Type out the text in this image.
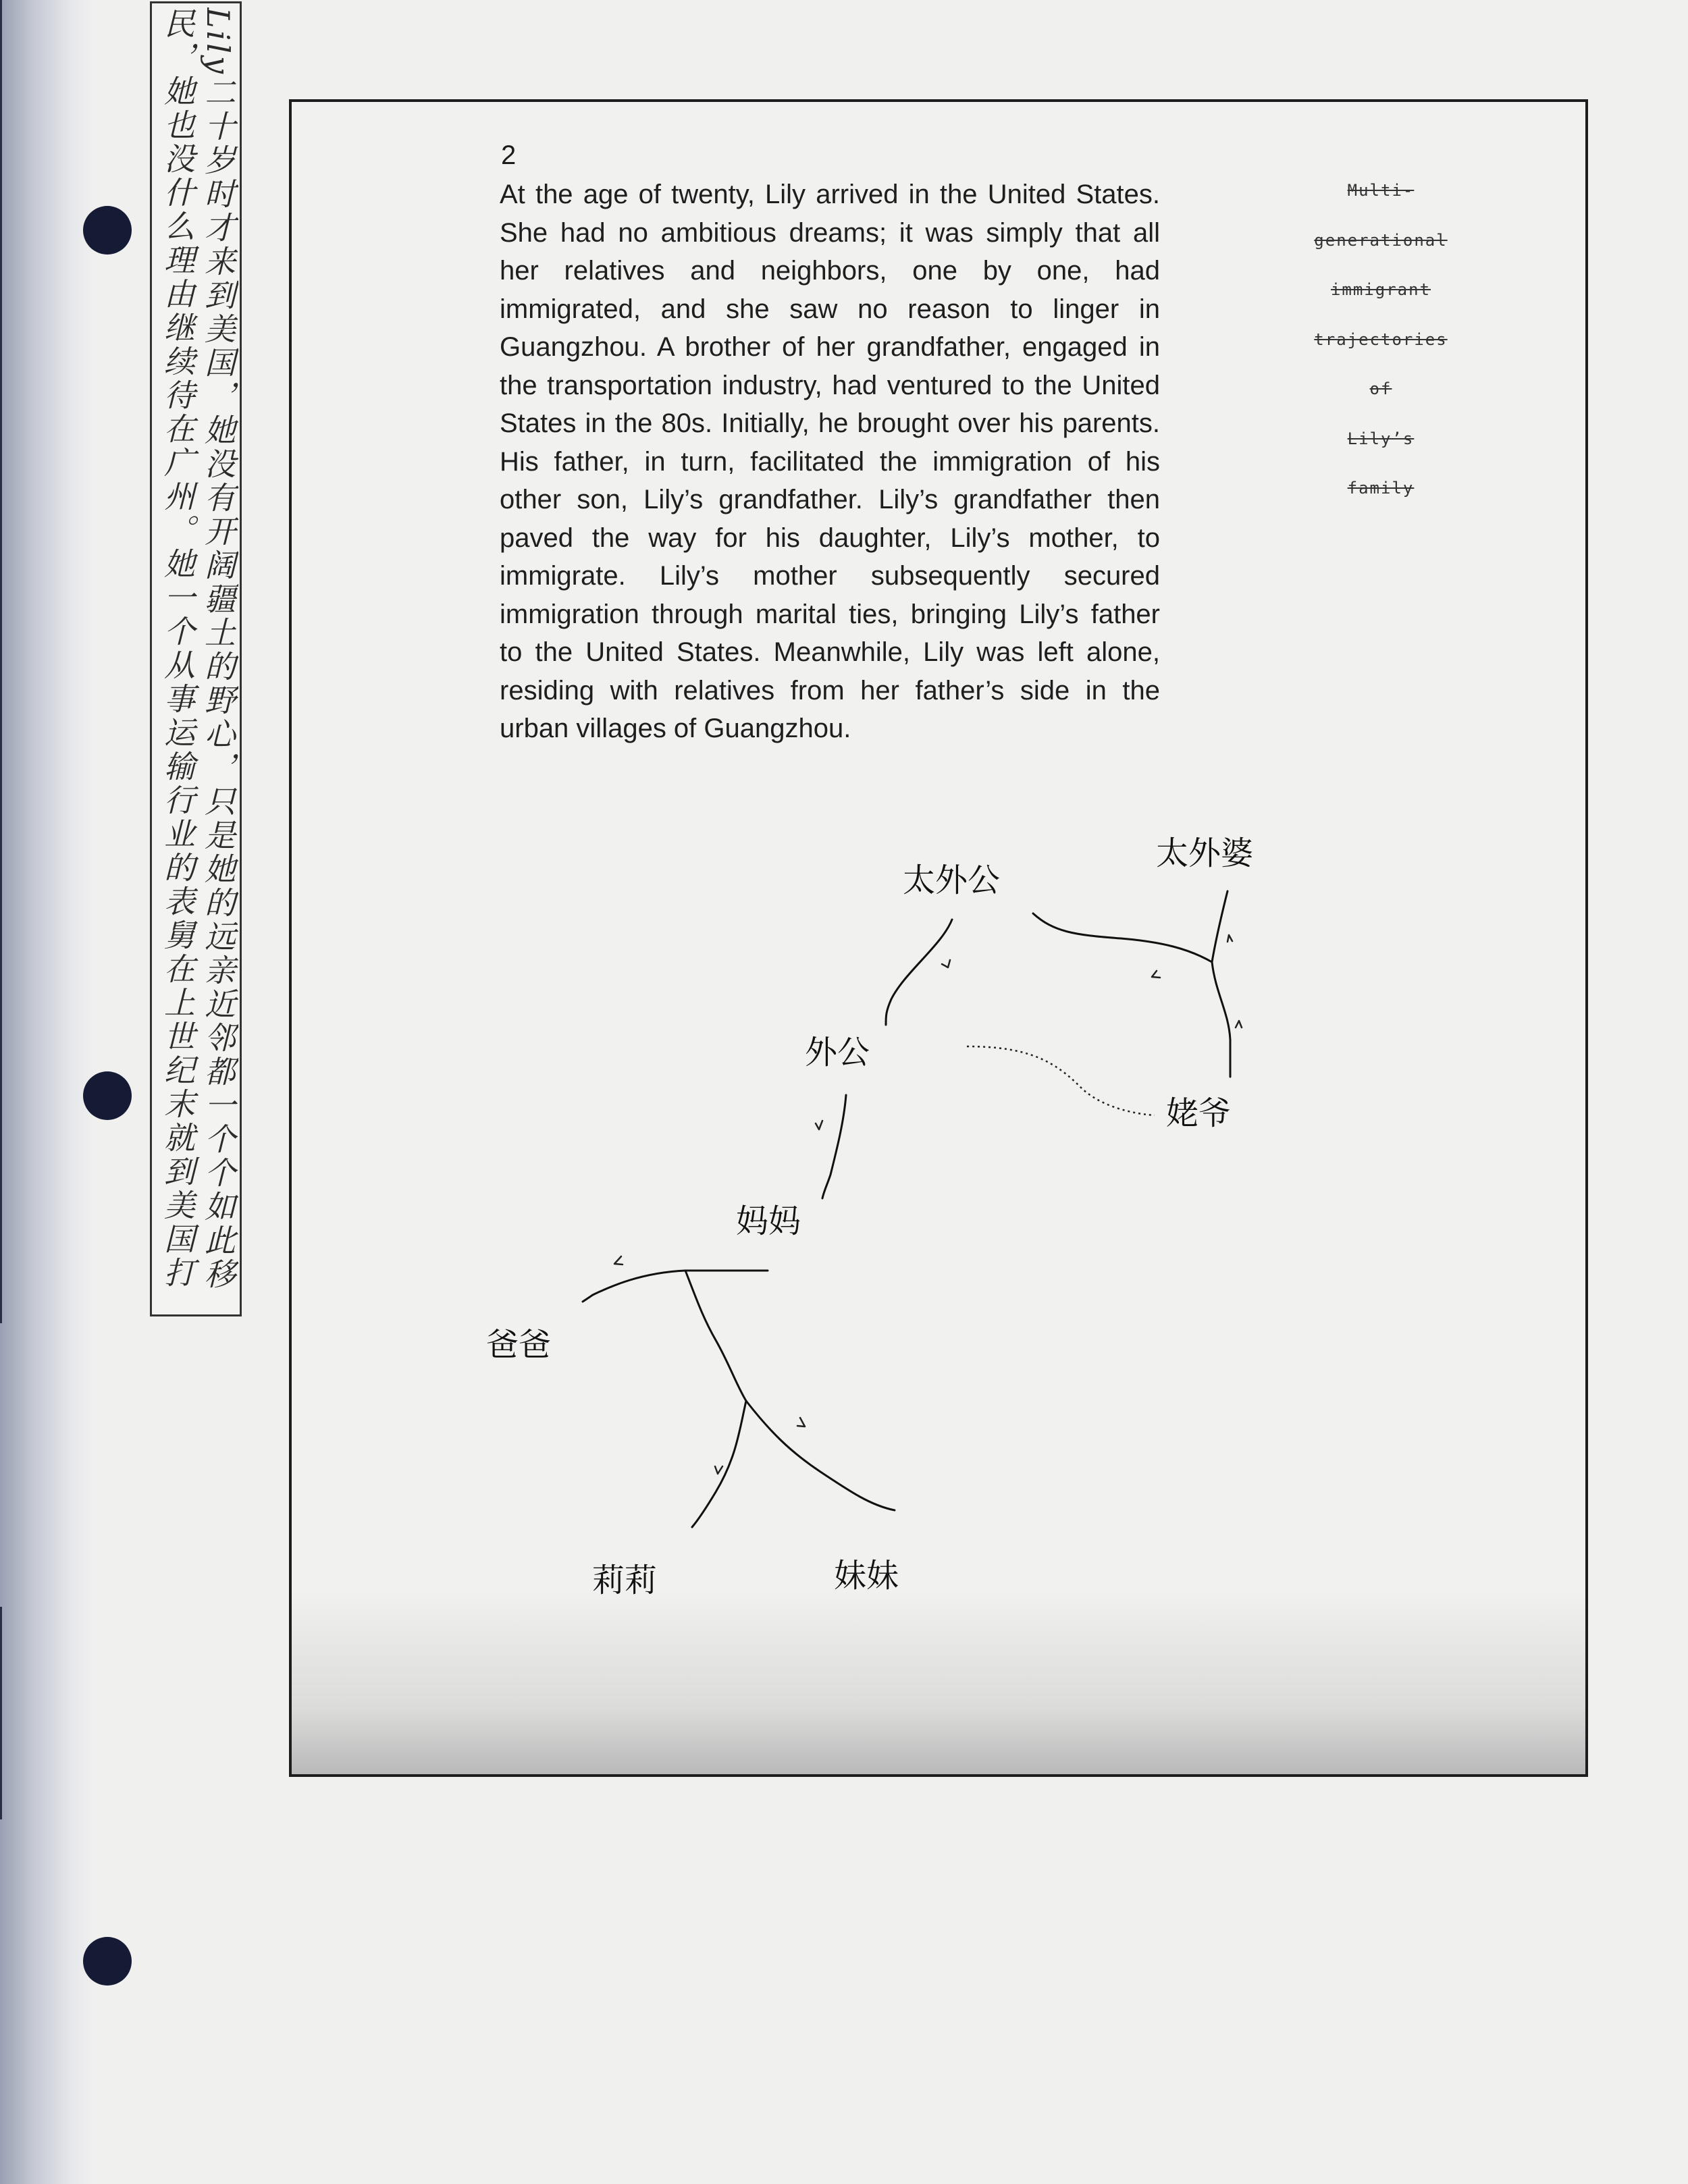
Lily二十岁时才来到美国，她没有开阔疆土的野心，只是她的远亲近邻都一个个如此移民，她也没什么理由继续待在广州。她一个从事运输行业的表舅在上世纪末就到美国打	2
At the age of twenty, Lily arrived in the United States. She had no ambitious dreams; it was simply that all her relatives and neighbors, one by one, had immigrated, and she saw no reason to linger in Guangzhou. A brother of her grandfather, engaged in the transportation industry, had ventured to the United States in the 80s. Initially, he brought over his parents. His father, in turn, facilitated the immigration of his other son, Lily’s grandfather. Lily’s grandfather then paved the way for his daughter, Lily’s mother, to immigrate. Lily’s mother subsequently secured immigration through marital ties, bringing Lily’s father to the United States. Meanwhile, Lily was left alone, residing with relatives from her father’s side in the urban villages of Guangzhou.
Multi-
generational
immigrant
trajectories
of
Lily’s
family
太外公
太外婆
外公
姥爷
妈妈
爸爸
莉莉	妹妹
